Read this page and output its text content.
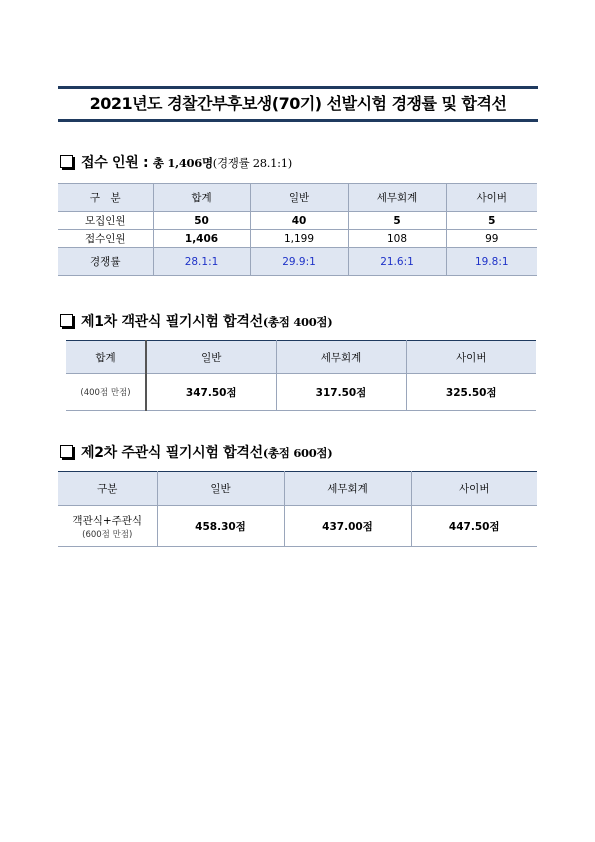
2021년도 경찰간부후보생(70기) 선발시험 경쟁률 및 합격선
접수 인원 : 총 1,406명(경쟁률 28.1:1)
구　분	합계	일반	세무회계	사이버
모집인원	50	40	5	5
접수인원	1,406	1,199	108	99
경쟁률	28.1:1	29.9:1	21.6:1	19.8:1
제1차 객관식 필기시험 합격선(총점 400점)
합계	일반	세무회계	사이버
(400점 만점)	347.50점	317.50점	325.50점
제2차 주관식 필기시험 합격선(총점 600점)
구분	일반	세무회계	사이버

객관식+주관식
(600점 만점)	458.30점	437.00점	447.50점
